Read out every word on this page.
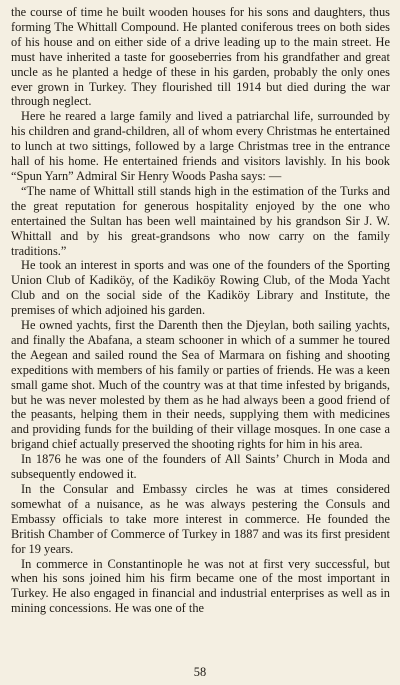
the course of time he built wooden houses for his sons and daughters, thus forming The Whittall Compound. He planted coniferous trees on both sides of his house and on either side of a drive leading up to the main street. He must have inherited a taste for gooseberries from his grandfather and great uncle as he planted a hedge of these in his garden, probably the only ones ever grown in Turkey. They flourished till 1914 but died during the war through neglect.

Here he reared a large family and lived a patriarchal life, surrounded by his children and grand-children, all of whom every Christmas he entertained to lunch at two sittings, followed by a large Christmas tree in the entrance hall of his home. He entertained friends and visitors lavishly. In his book “Spun Yarn” Admiral Sir Henry Woods Pasha says: —

“The name of Whittall still stands high in the estimation of the Turks and the great reputation for generous hospitality enjoyed by the one who entertained the Sultan has been well maintained by his grandson Sir J. W. Whittall and by his great-grandsons who now carry on the family traditions.”

He took an interest in sports and was one of the founders of the Sporting Union Club of Kadiköy, of the Kadiköy Rowing Club, of the Moda Yacht Club and on the social side of the Kadiköy Library and Institute, the premises of which adjoined his garden.

He owned yachts, first the Darenth then the Djeylan, both sailing yachts, and finally the Abafana, a steam schooner in which of a summer he toured the Aegean and sailed round the Sea of Marmara on fishing and shooting expeditions with members of his family or parties of friends. He was a keen small game shot. Much of the country was at that time infested by brigands, but he was never molested by them as he had always been a good friend of the peasants, helping them in their needs, supplying them with medicines and providing funds for the building of their village mosques. In one case a brigand chief actually preserved the shooting rights for him in his area.

In 1876 he was one of the founders of All Saints’ Church in Moda and subsequently endowed it.

In the Consular and Embassy circles he was at times considered somewhat of a nuisance, as he was always pestering the Consuls and Embassy officials to take more interest in commerce. He founded the British Chamber of Commerce of Turkey in 1887 and was its first president for 19 years.

In commerce in Constantinople he was not at first very successful, but when his sons joined him his firm became one of the most important in Turkey. He also engaged in financial and industrial enterprises as well as in mining concessions. He was one of the

58
